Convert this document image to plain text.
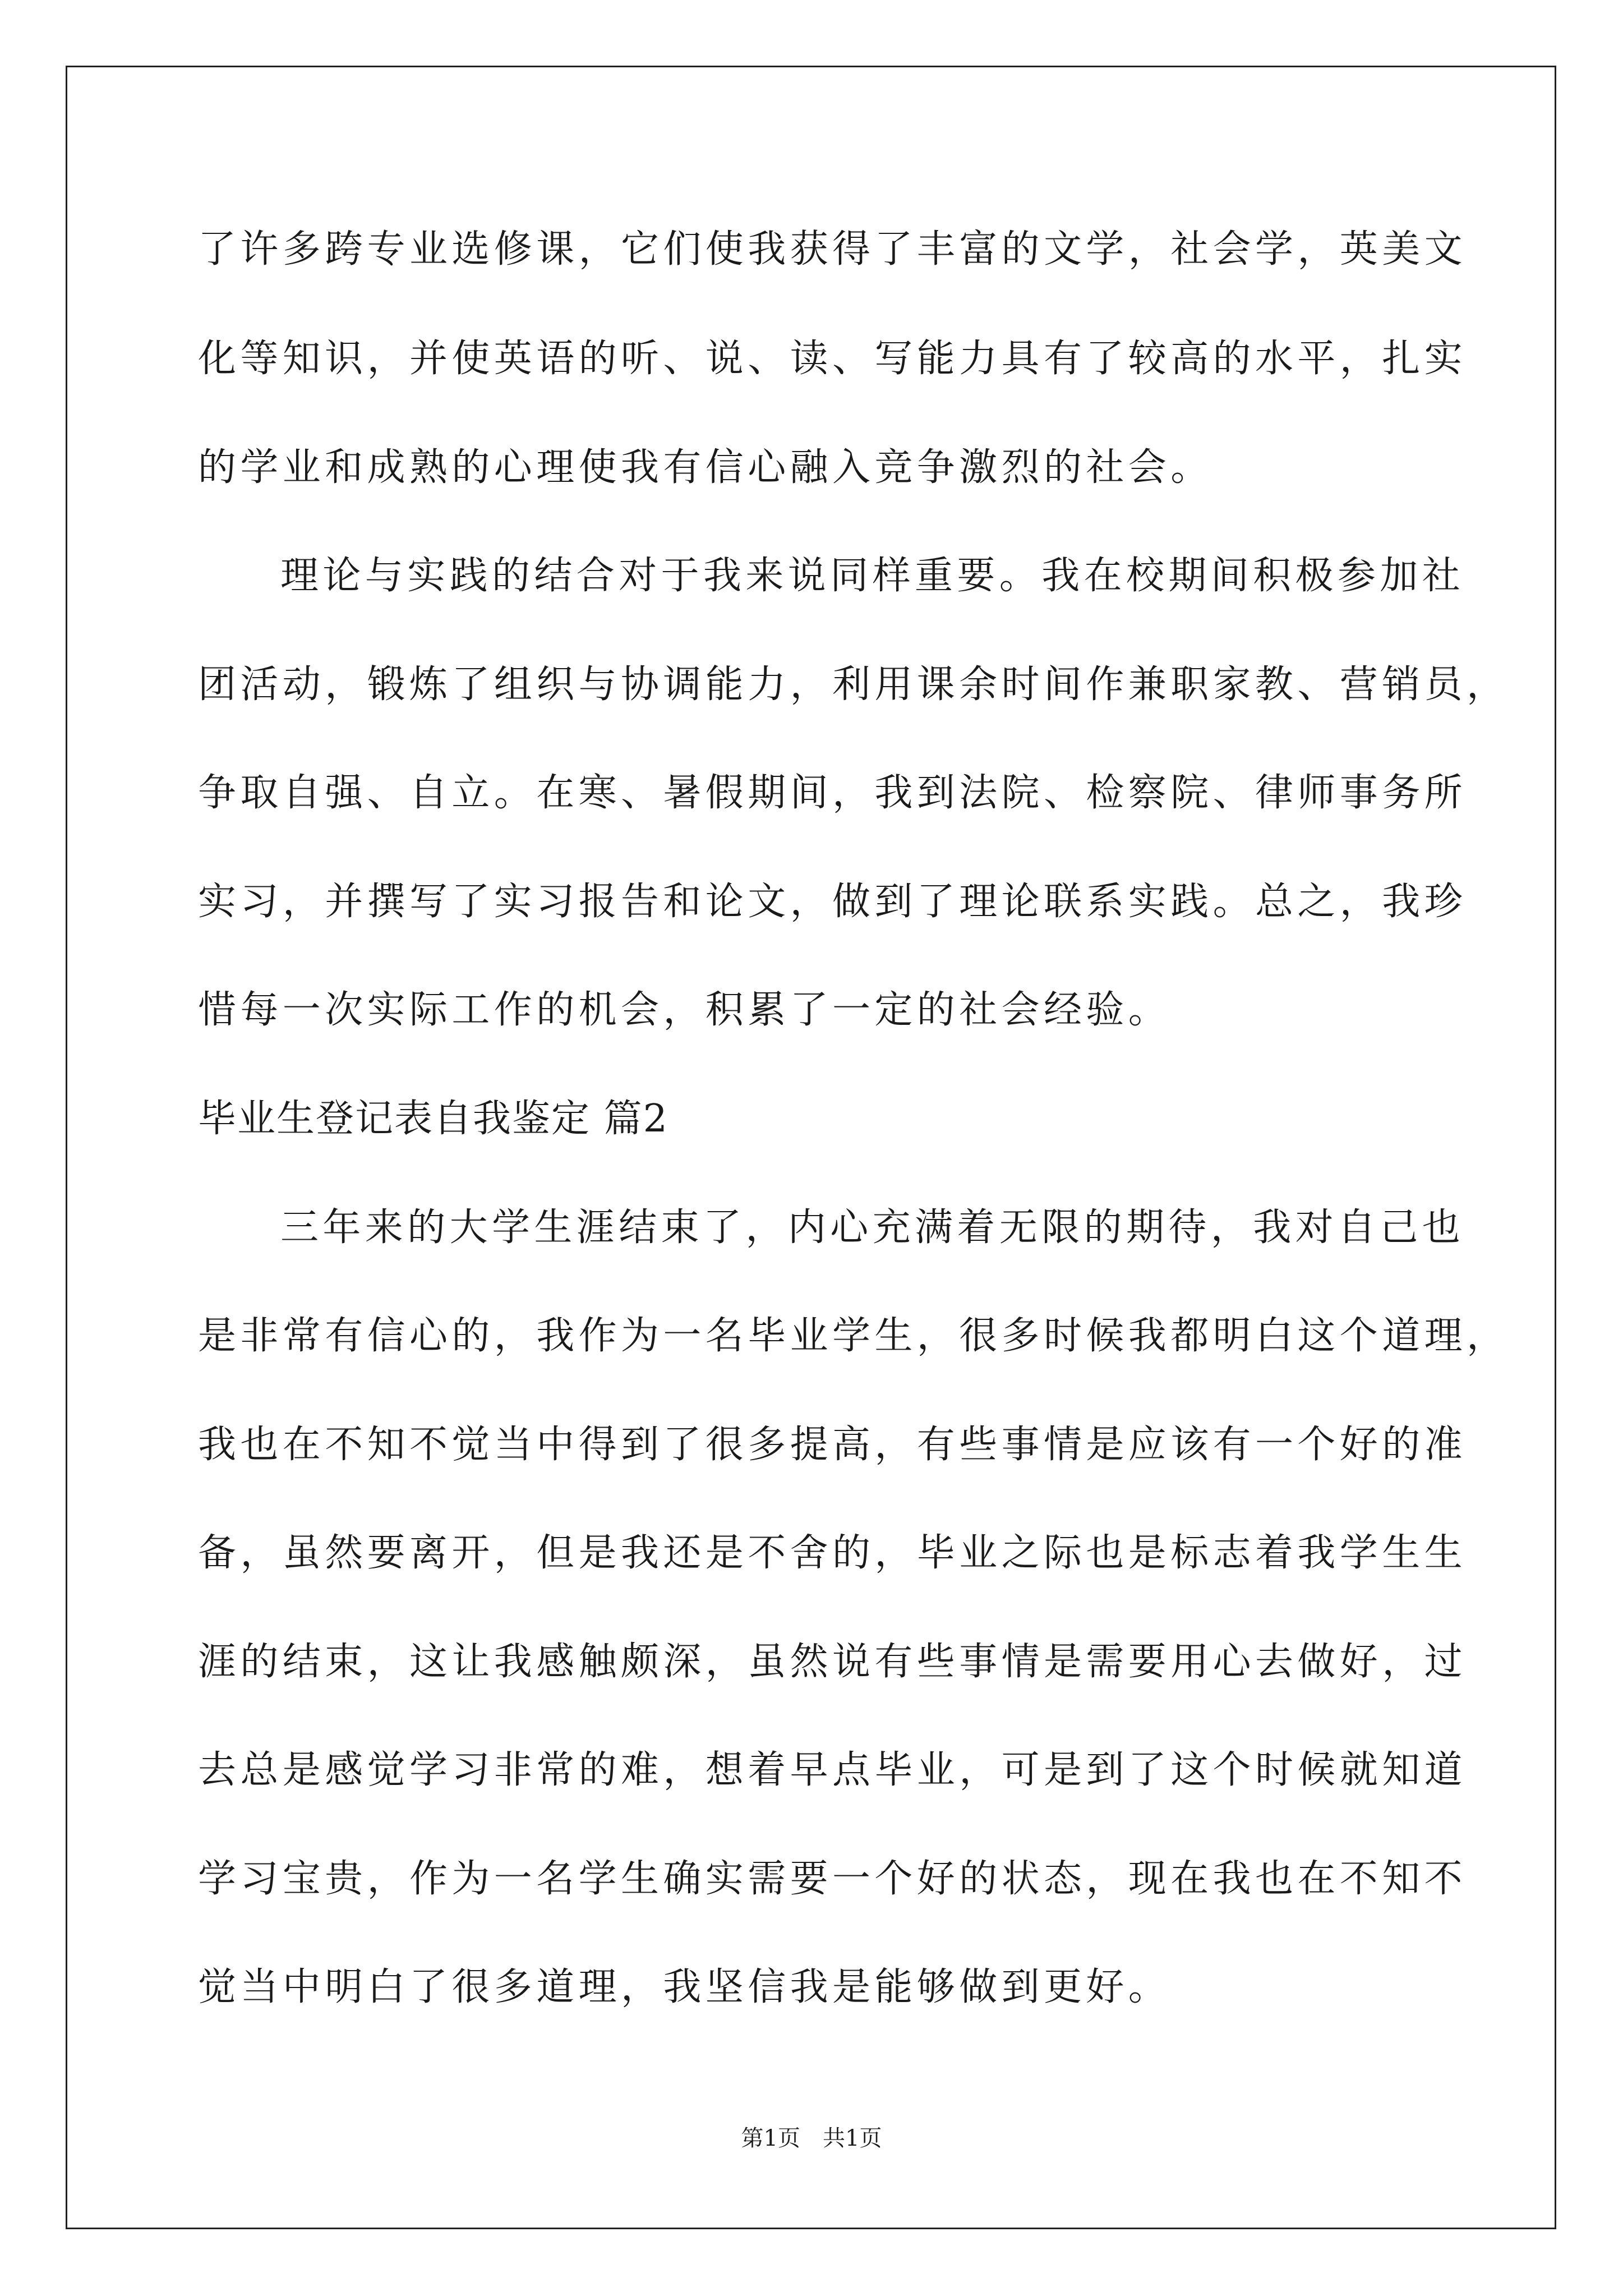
了许多跨专业选修课，它们使我获得了丰富的文学，社会学，英美文
化等知识，并使英语的听、说、读、写能力具有了较高的水平，扎实
的学业和成熟的心理使我有信心融入竞争激烈的社会。
理论与实践的结合对于我来说同样重要。我在校期间积极参加社
团活动，锻炼了组织与协调能力，利用课余时间作兼职家教、营销员，
争取自强、自立。在寒、暑假期间，我到法院、检察院、律师事务所
实习，并撰写了实习报告和论文，做到了理论联系实践。总之，我珍
惜每一次实际工作的机会，积累了一定的社会经验。
毕业生登记表自我鉴定 篇2
三年来的大学生涯结束了，内心充满着无限的期待，我对自己也
是非常有信心的，我作为一名毕业学生，很多时候我都明白这个道理，
我也在不知不觉当中得到了很多提高，有些事情是应该有一个好的准
备，虽然要离开，但是我还是不舍的，毕业之际也是标志着我学生生
涯的结束，这让我感触颇深，虽然说有些事情是需要用心去做好，过
去总是感觉学习非常的难，想着早点毕业，可是到了这个时候就知道
学习宝贵，作为一名学生确实需要一个好的状态，现在我也在不知不
觉当中明白了很多道理，我坚信我是能够做到更好。
第1页　共1页
